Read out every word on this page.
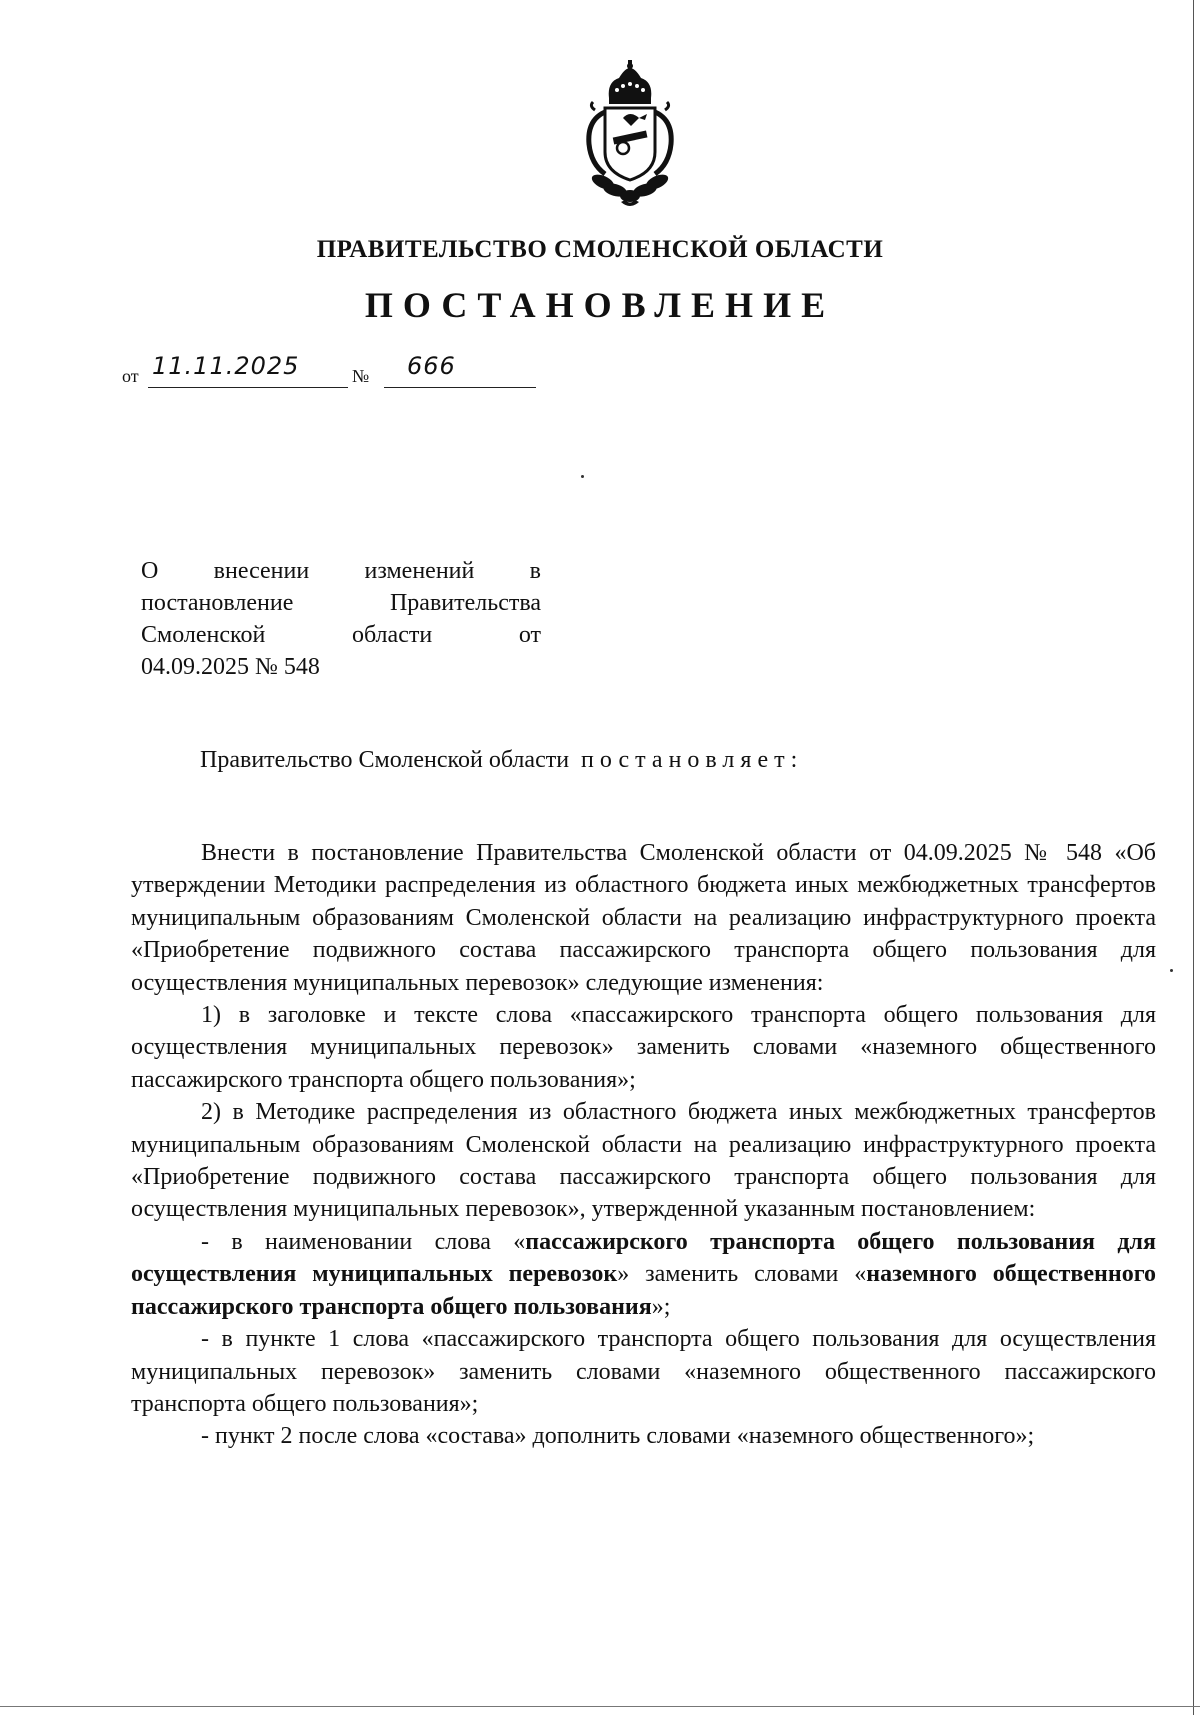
ПРАВИТЕЛЬСТВО СМОЛЕНСКОЙ ОБЛАСТИ
ПОСТАНОВЛЕНИЕ
от 11.11.2025	№ 666
О внесении изменений в
постановление Правительства
Смоленской области от
04.09.2025 № 548
Правительство Смоленской области постановляет:

Внести в постановление Правительства Смоленской области от 04.09.2025 № 548 «Об утверждении Методики распределения из областного бюджета иных межбюджетных трансфертов муниципальным образованиям Смоленской области на реализацию инфраструктурного проекта «Приобретение подвижного состава пассажирского транспорта общего пользования для осуществления муниципальных перевозок» следующие изменения:

1) в заголовке и тексте слова «пассажирского транспорта общего пользования для осуществления муниципальных перевозок» заменить словами «наземного общественного пассажирского транспорта общего пользования»;

2) в Методике распределения из областного бюджета иных межбюджетных трансфертов муниципальным образованиям Смоленской области на реализацию инфраструктурного проекта «Приобретение подвижного состава пассажирского транспорта общего пользования для осуществления муниципальных перевозок», утвержденной указанным постановлением:

- в наименовании слова «пассажирского транспорта общего пользования для осуществления муниципальных перевозок» заменить словами «наземного общественного пассажирского транспорта общего пользования»;

- в пункте 1 слова «пассажирского транспорта общего пользования для осуществления муниципальных перевозок» заменить словами «наземного общественного пассажирского транспорта общего пользования»;

- пункт 2 после слова «состава» дополнить словами «наземного общественного»;
